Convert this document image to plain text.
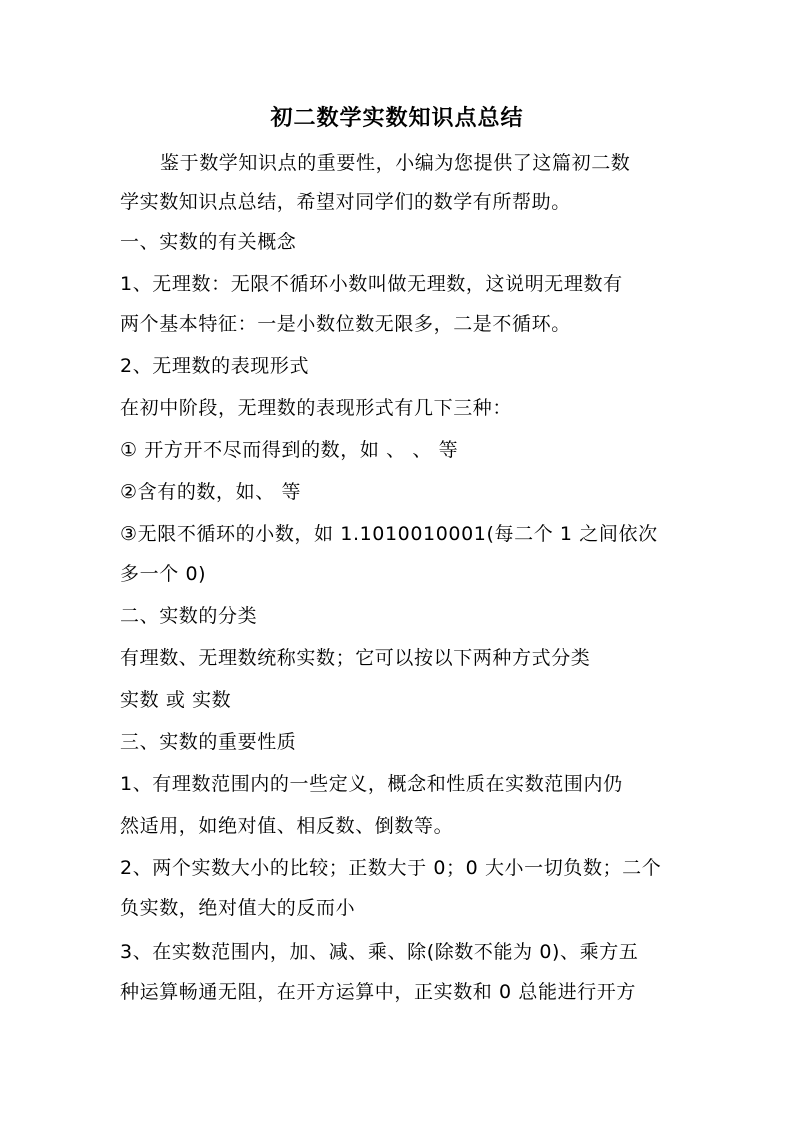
初二数学实数知识点总结
鉴于数学知识点的重要性，小编为您提供了这篇初二数
学实数知识点总结，希望对同学们的数学有所帮助。
一、实数的有关概念
1、无理数：无限不循环小数叫做无理数，这说明无理数有
两个基本特征：一是小数位数无限多，二是不循环。
2、无理数的表现形式
在初中阶段，无理数的表现形式有几下三种：
① 开方开不尽而得到的数，如 、 、 等
②含有的数，如、 等
③无限不循环的小数，如 1.1010010001(每二个 1 之间依次
多一个 0)
二、实数的分类
有理数、无理数统称实数；它可以按以下两种方式分类
实数 或 实数
三、实数的重要性质
1、有理数范围内的一些定义，概念和性质在实数范围内仍
然适用，如绝对值、相反数、倒数等。
2、两个实数大小的比较；正数大于 0；0 大小一切负数；二个
负实数，绝对值大的反而小
3、在实数范围内，加、减、乘、除(除数不能为 0)、乘方五
种运算畅通无阻，在开方运算中，正实数和 0 总能进行开方
